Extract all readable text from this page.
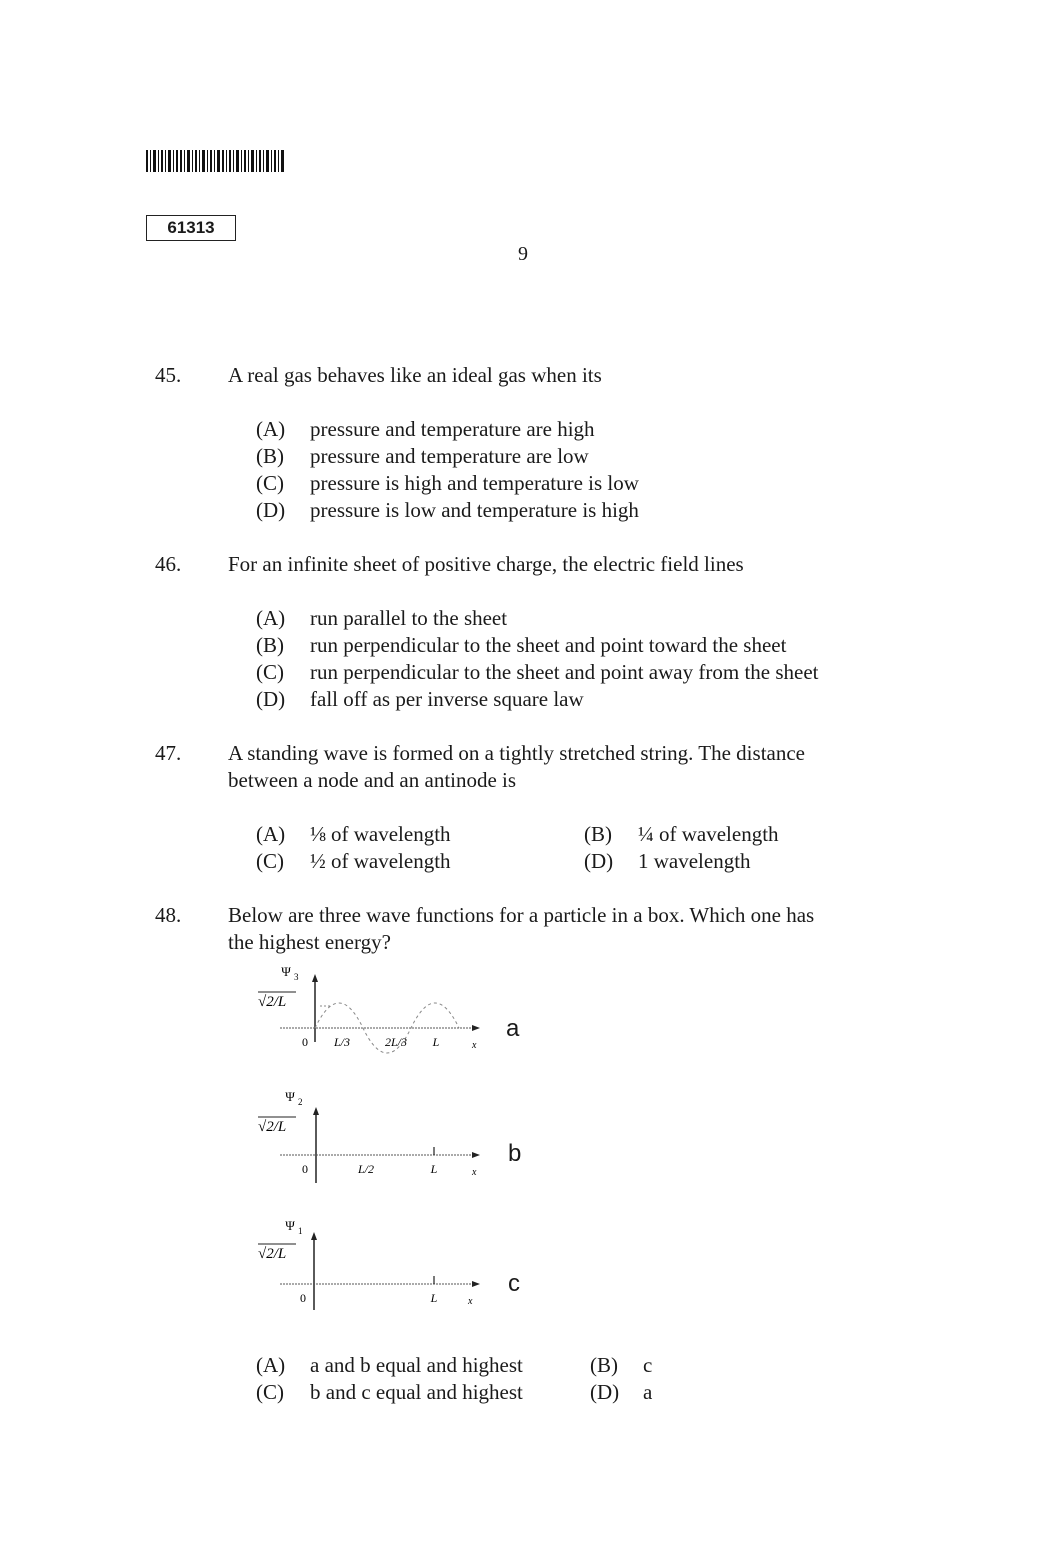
61313
9
45. A real gas behaves like an ideal gas when its
(A) pressure and temperature are high
(B) pressure and temperature are low
(C) pressure is high and temperature is low
(D) pressure is low and temperature is high
46. For an infinite sheet of positive charge, the electric field lines
(A) run parallel to the sheet
(B) run perpendicular to the sheet and point toward the sheet
(C) run perpendicular to the sheet and point away from the sheet
(D) fall off as per inverse square law
47. A standing wave is formed on a tightly stretched string. The distance
between a node and an antinode is
(A) ⅛ of wavelength	(B) ¼ of wavelength
(C) ½ of wavelength	(D) 1 wavelength
48. Below are three wave functions for a particle in a box. Which one has
the highest energy?
Ψ 3
√2/L
0 L/3	2L/3 L	x
a
Ψ 2
√2/L
0	L/2	L	x
b
Ψ 1
√2/L
0	L	x
c
(A) a and b equal and highest	(B) c
(C) b and c equal and highest	(D) a
